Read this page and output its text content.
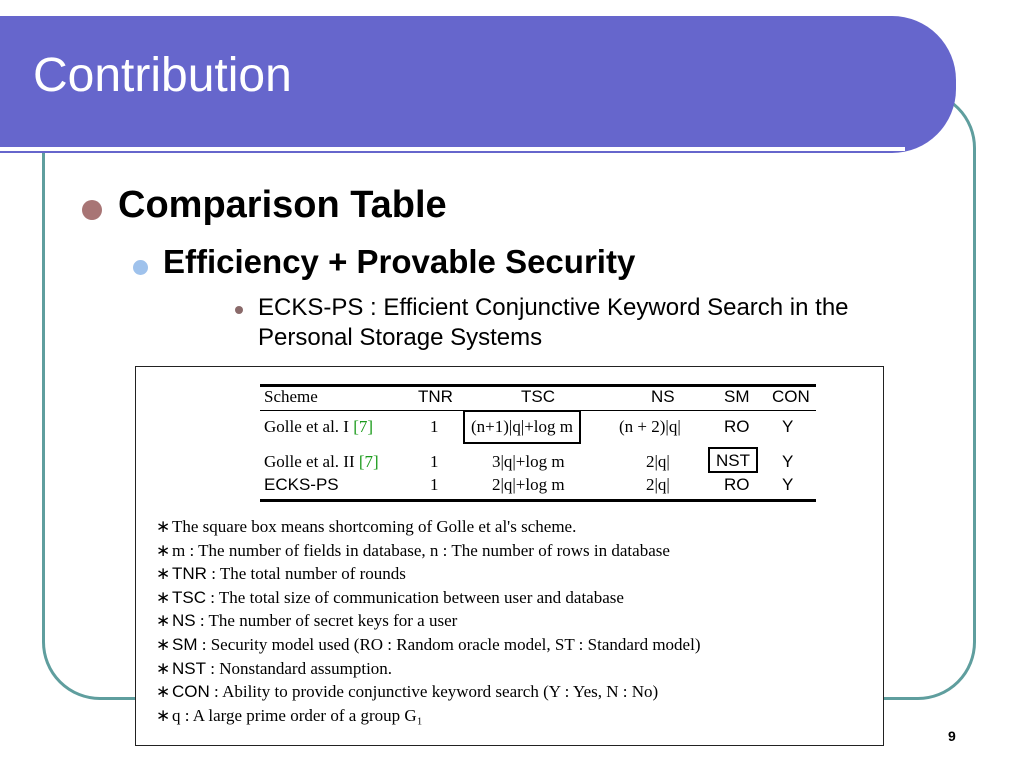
Contribution
Comparison Table
Efficiency + Provable Security
ECKS-PS : Efficient Conjunctive Keyword Search in the Personal Storage Systems
Scheme	TNR	TSC	NS	SM CON
Golle et al. I [7]	1	(n+1)|q|+log m	(n + 2)|q|	RO Y
Golle et al. II [7]	1	3|q|+log m	2|q|	NST	Y
ECKS-PS	1	2|q|+log m	2|q|	RO Y
∗ The square box means shortcoming of Golle et al's scheme.
∗ m : The number of fields in database, n : The number of rows in database
∗ TNR : The total number of rounds
∗ TSC : The total size of communication between user and database
∗ NS : The number of secret keys for a user
∗ SM : Security model used (RO : Random oracle model, ST : Standard model)
∗ NST : Nonstandard assumption.
∗ CON : Ability to provide conjunctive keyword search (Y : Yes, N : No)
∗ q : A large prime order of a group G₁
9
